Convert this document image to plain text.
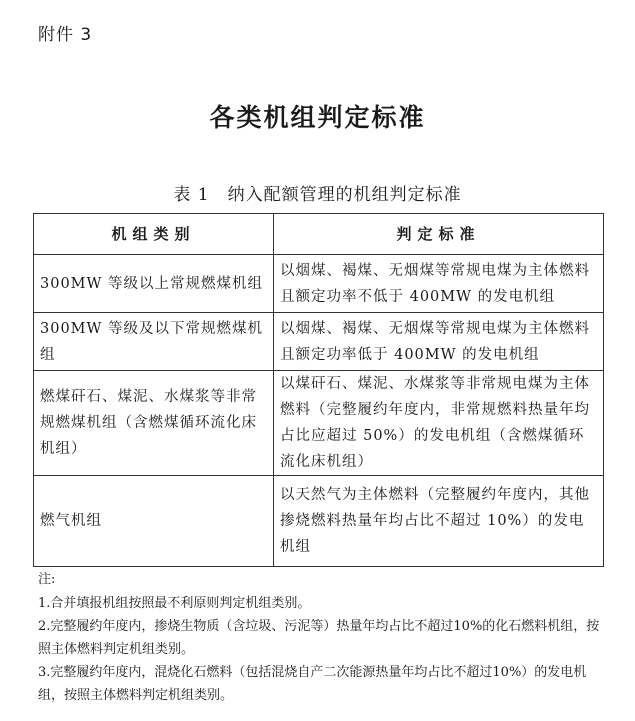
附件 3
各类机组判定标准
表 1 纳入配额管理的机组判定标准
机组类别	判定标准
300MW 等级以上常规燃煤机组	以烟煤、褐煤、无烟煤等常规电煤为主体燃料且额定功率不低于 400MW 的发电机组
300MW 等级及以下常规燃煤机组	以烟煤、褐煤、无烟煤等常规电煤为主体燃料且额定功率低于 400MW 的发电机组
燃煤矸石、煤泥、水煤浆等非常规燃煤机组（含燃煤循环流化床机组）	以煤矸石、煤泥、水煤浆等非常规电煤为主体燃料（完整履约年度内，非常规燃料热量年均占比应超过 50%）的发电机组（含燃煤循环流化床机组）
燃气机组	以天然气为主体燃料（完整履约年度内，其他掺烧燃料热量年均占比不超过 10%）的发电机组
注:
1.合并填报机组按照最不利原则判定机组类别。
2.完整履约年度内，掺烧生物质（含垃圾、污泥等）热量年均占比不超过10%的化石燃料机组，按照主体燃料判定机组类别。
3.完整履约年度内，混烧化石燃料（包括混烧自产二次能源热量年均占比不超过10%）的发电机组，按照主体燃料判定机组类别。
